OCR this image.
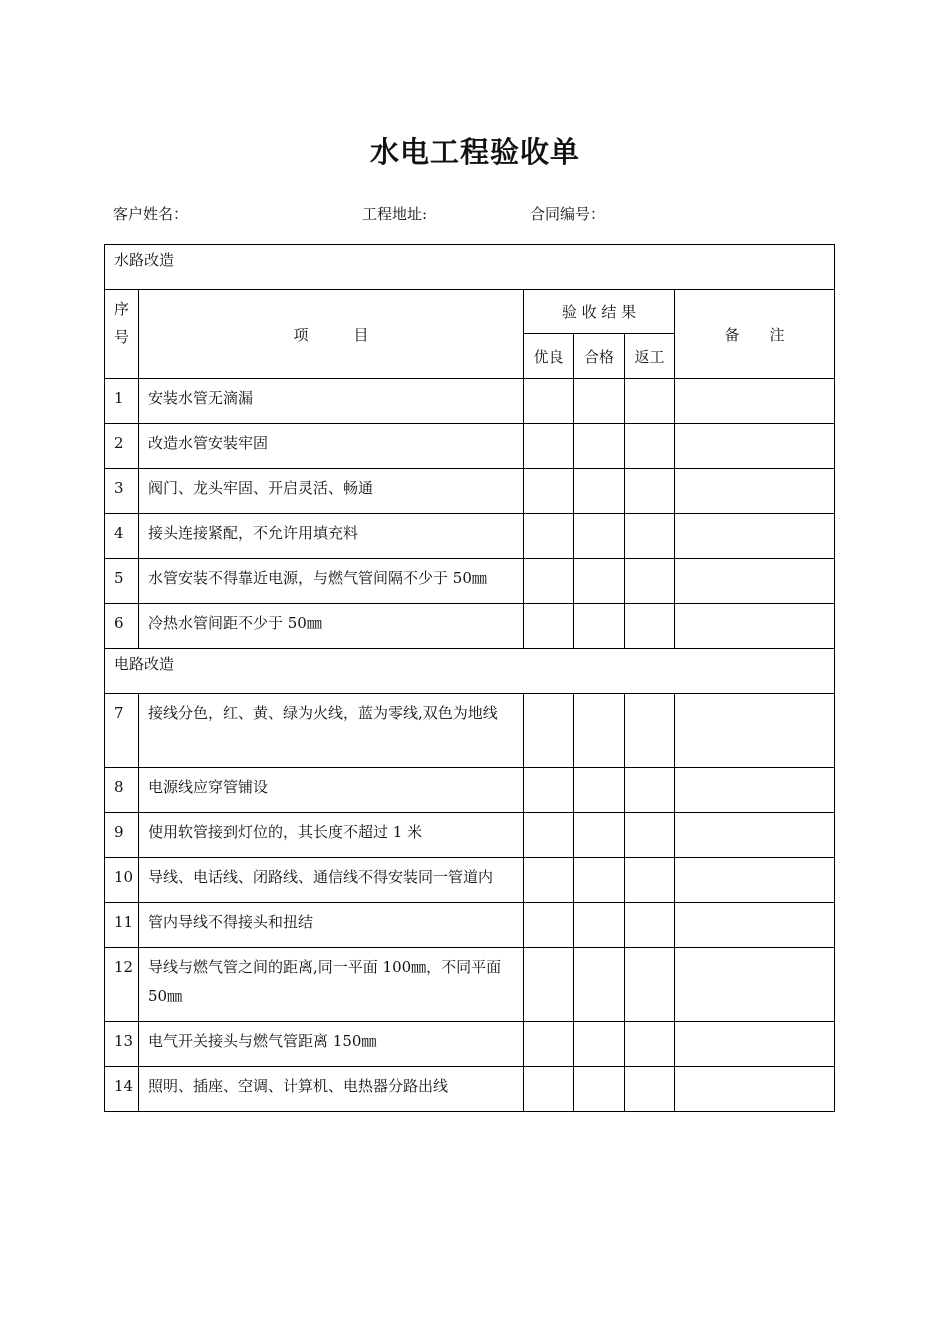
水电工程验收单
客户姓名：	工程地址:	合同编号：
水路改造					
序号	项　　　目	验 收 结 果			备　　注
		优良	合格	返工	
1	安装水管无滴漏				
2	改造水管安装牢固				
3	阀门、龙头牢固、开启灵活、畅通				
4	接头连接紧配，不允许用填充料				
5	水管安装不得靠近电源，与燃气管间隔不少于 50㎜				
6	冷热水管间距不少于 50㎜				
电路改造					
7	接线分色，红、黄、绿为火线，蓝为零线,双色为地线				
8	电源线应穿管铺设				
9	使用软管接到灯位的，其长度不超过 1 米				
10	导线、电话线、闭路线、通信线不得安装同一管道内				
11	管内导线不得接头和扭结				
12	导线与燃气管之间的距离,同一平面 100㎜，不同平面 50㎜				
13	电气开关接头与燃气管距离 150㎜				
14	照明、插座、空调、计算机、电热器分路出线				
